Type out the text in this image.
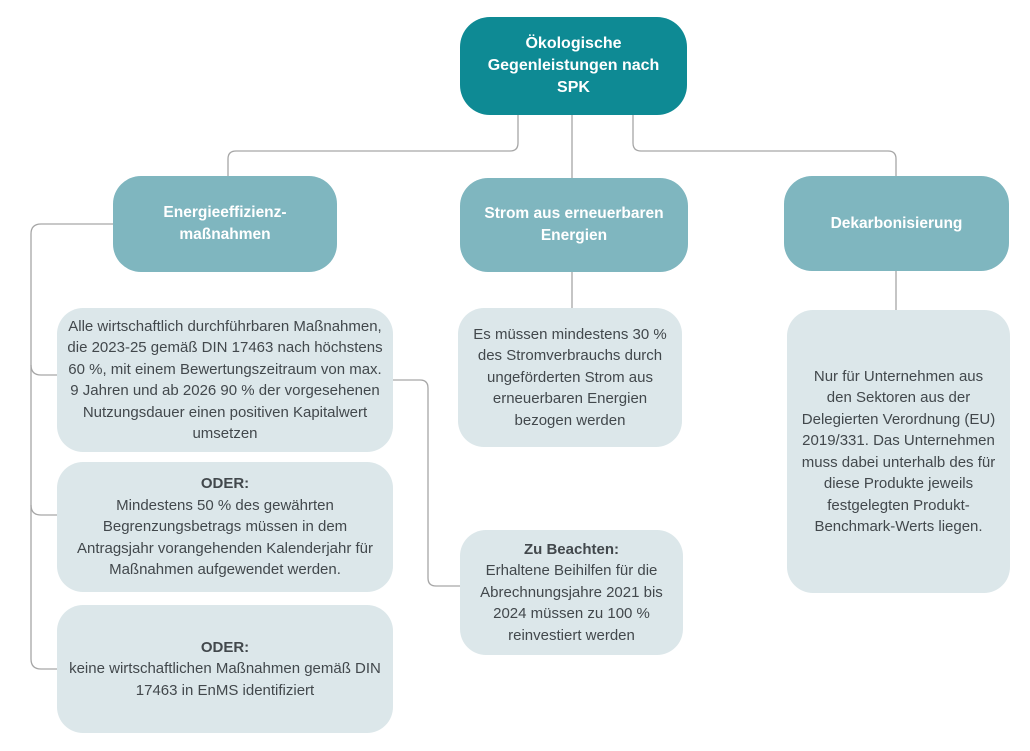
Ökologische Gegenleistungen nach SPK
Energieeffizienz-maßnahmen
Strom aus erneuerbaren Energien
Dekarbonisierung
Alle wirtschaftlich durchführbaren Maßnahmen, die 2023-25 gemäß DIN 17463 nach höchstens 60 %, mit einem Bewertungszeitraum von max. 9 Jahren und ab 2026 90 % der vorgesehenen Nutzungsdauer einen positiven Kapitalwert umsetzen
ODER:
Mindestens 50 % des gewährten Begrenzungsbetrags müssen in dem Antragsjahr vorangehenden Kalenderjahr für Maßnahmen aufgewendet werden.
ODER:
keine wirtschaftlichen Maßnahmen gemäß DIN 17463 in EnMS identifiziert
Es müssen mindestens 30 % des Stromverbrauchs durch ungeförderten Strom aus erneuerbaren Energien bezogen werden
Zu Beachten:
Erhaltene Beihilfen für die Abrechnungsjahre 2021 bis 2024 müssen zu 100 % reinvestiert werden
Nur für Unternehmen aus den Sektoren aus der Delegierten Verordnung (EU) 2019/331. Das Unternehmen muss dabei unterhalb des für diese Produkte jeweils festgelegten Produkt-Benchmark-Werts liegen.
